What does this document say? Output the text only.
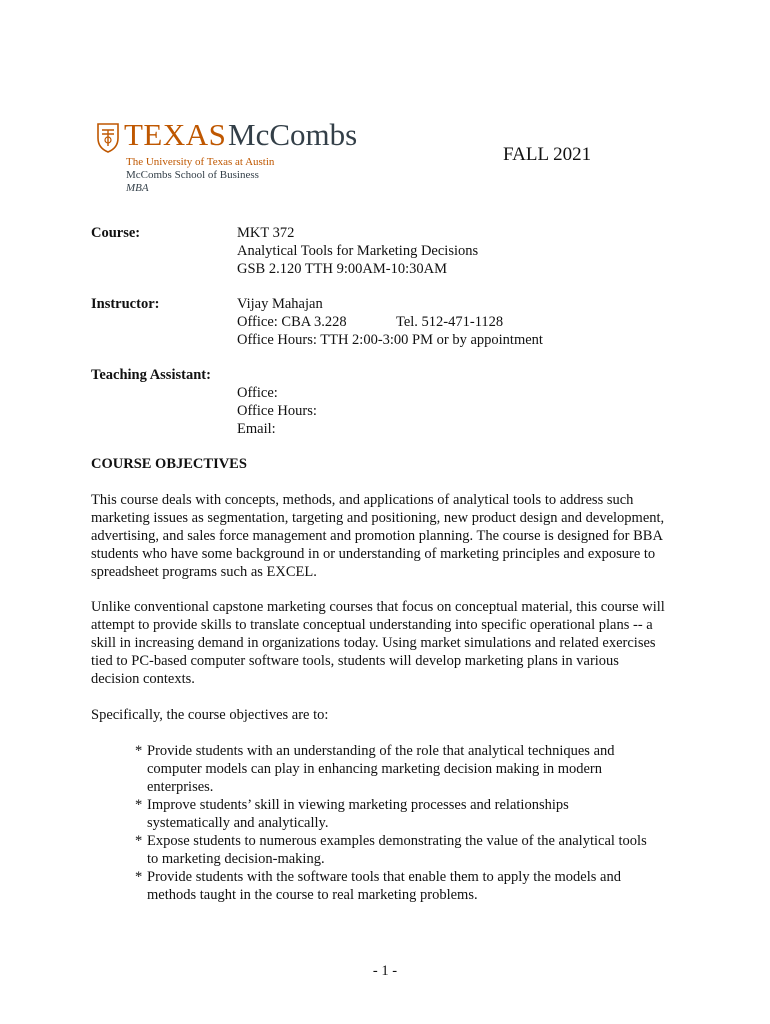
TEXAS McCombs
The University of Texas at Austin
McCombs School of Business
MBA
FALL 2021
Course:	MKT 372
Analytical Tools for Marketing Decisions
GSB 2.120 TTH 9:00AM-10:30AM
Instructor:	Vijay Mahajan
Office: CBA 3.228	Tel. 512-471-1128
Office Hours: TTH 2:00-3:00 PM or by appointment
Teaching Assistant:
Office:
Office Hours:
Email:
COURSE OBJECTIVES
This course deals with concepts, methods, and applications of analytical tools to address such marketing issues as segmentation, targeting and positioning, new product design and development, advertising, and sales force management and promotion planning. The course is designed for BBA students who have some background in or understanding of marketing principles and exposure to spreadsheet programs such as EXCEL.
Unlike conventional capstone marketing courses that focus on conceptual material, this course will attempt to provide skills to translate conceptual understanding into specific operational plans -- a skill in increasing demand in organizations today. Using market simulations and related exercises tied to PC-based computer software tools, students will develop marketing plans in various decision contexts.
Specifically, the course objectives are to:
* Provide students with an understanding of the role that analytical techniques and computer models can play in enhancing marketing decision making in modern enterprises.
* Improve students’ skill in viewing marketing processes and relationships systematically and analytically.
* Expose students to numerous examples demonstrating the value of the analytical tools to marketing decision-making.
* Provide students with the software tools that enable them to apply the models and methods taught in the course to real marketing problems.
- 1 -
